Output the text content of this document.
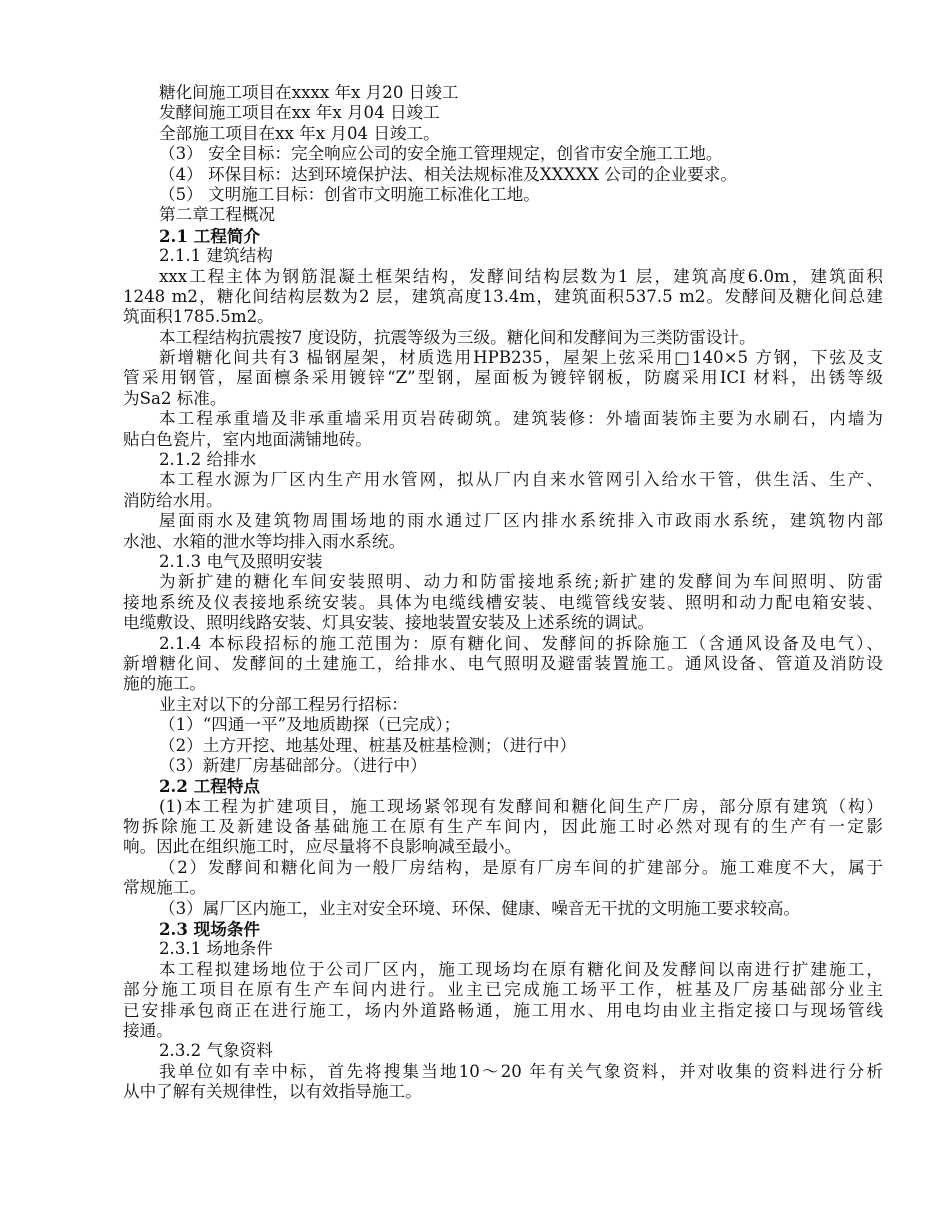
糖化间施工项目在xxxx 年x 月20 日竣工
发酵间施工项目在xx 年x 月04 日竣工
全部施工项目在xx 年x 月04 日竣工。
（3） 安全目标：完全响应公司的安全施工管理规定，创省市安全施工工地。
（4） 环保目标：达到环境保护法、相关法规标准及XXXXX 公司的企业要求。
（5） 文明施工目标：创省市文明施工标准化工地。
第二章工程概况
2.1 工程简介
2.1.1 建筑结构
xxx工程主体为钢筋混凝土框架结构，发酵间结构层数为1 层，建筑高度6.0m，建筑面积
1248 m2，糖化间结构层数为2 层，建筑高度13.4m，建筑面积537.5 m2。发酵间及糖化间总建
筑面积1785.5m2。
本工程结构抗震按7 度设防，抗震等级为三级。糖化间和发酵间为三类防雷设计。
新增糖化间共有3 榀钢屋架，材质选用HPB235，屋架上弦采用□140×5 方钢，下弦及支
管采用钢管，屋面檩条采用镀锌“Z”型钢，屋面板为镀锌钢板，防腐采用ICI 材料，出锈等级
为Sa2 标准。
本工程承重墙及非承重墙采用页岩砖砌筑。建筑装修：外墙面装饰主要为水刷石，内墙为
贴白色瓷片，室内地面满铺地砖。
2.1.2 给排水
本工程水源为厂区内生产用水管网，拟从厂内自来水管网引入给水干管，供生活、生产、
消防给水用。
屋面雨水及建筑物周围场地的雨水通过厂区内排水系统排入市政雨水系统，建筑物内部
水池、水箱的泄水等均排入雨水系统。
2.1.3 电气及照明安装
为新扩建的糖化车间安装照明、动力和防雷接地系统;新扩建的发酵间为车间照明、防雷
接地系统及仪表接地系统安装。具体为电缆线槽安装、电缆管线安装、照明和动力配电箱安装、
电缆敷设、照明线路安装、灯具安装、接地装置安装及上述系统的调试。
2.1.4 本标段招标的施工范围为：原有糖化间、发酵间的拆除施工（含通风设备及电气）、
新增糖化间、发酵间的土建施工，给排水、电气照明及避雷装置施工。通风设备、管道及消防设
施的施工。
业主对以下的分部工程另行招标：
（1）“四通一平”及地质勘探（已完成）；
（2）土方开挖、地基处理、桩基及桩基检测；（进行中）
（3）新建厂房基础部分。（进行中）
2.2 工程特点
(1)本工程为扩建项目，施工现场紧邻现有发酵间和糖化间生产厂房，部分原有建筑（构）
物拆除施工及新建设备基础施工在原有生产车间内，因此施工时必然对现有的生产有一定影
响。因此在组织施工时，应尽量将不良影响减至最小。
（2）发酵间和糖化间为一般厂房结构，是原有厂房车间的扩建部分。施工难度不大，属于
常规施工。
（3）属厂区内施工，业主对安全环境、环保、健康、噪音无干扰的文明施工要求较高。
2.3 现场条件
2.3.1 场地条件
本工程拟建场地位于公司厂区内，施工现场均在原有糖化间及发酵间以南进行扩建施工，
部分施工项目在原有生产车间内进行。业主已完成施工场平工作，桩基及厂房基础部分业主
已安排承包商正在进行施工，场内外道路畅通，施工用水、用电均由业主指定接口与现场管线
接通。
2.3.2 气象资料
我单位如有幸中标，首先将搜集当地10～20 年有关气象资料，并对收集的资料进行分析
从中了解有关规律性，以有效指导施工。
